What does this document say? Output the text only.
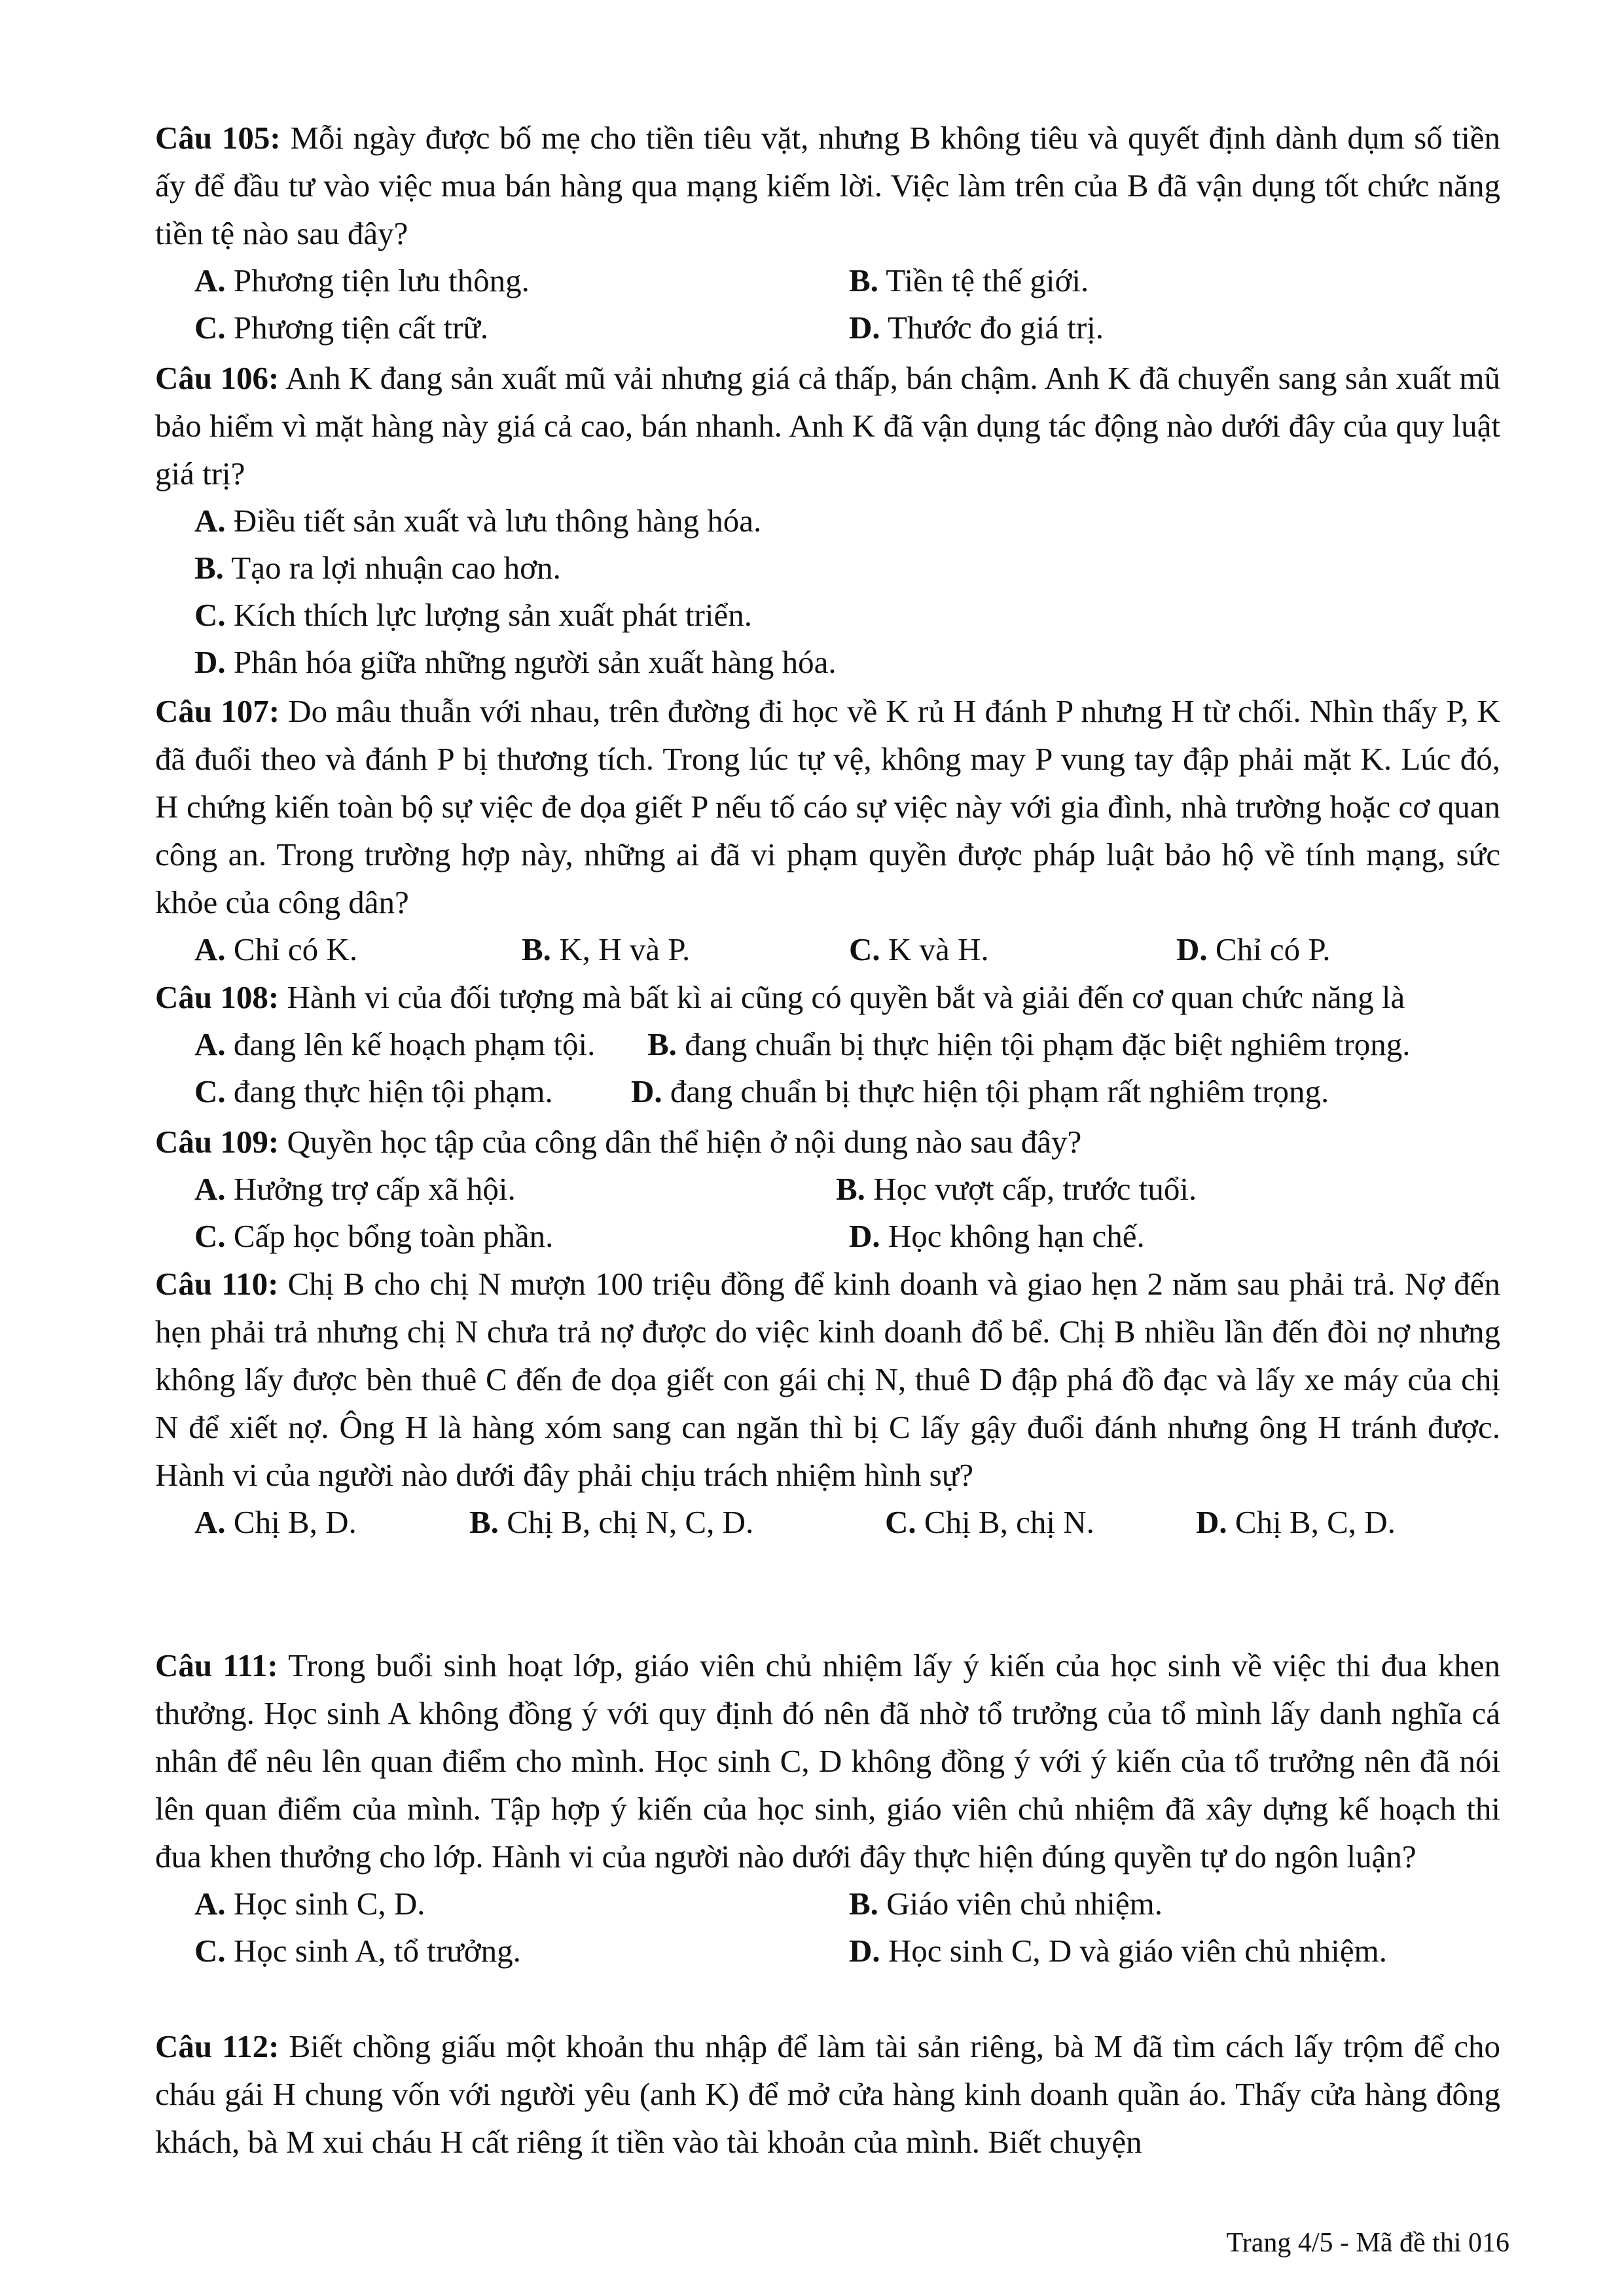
Câu 105: Mỗi ngày được bố mẹ cho tiền tiêu vặt, nhưng B không tiêu và quyết định dành dụm số tiền ấy để đầu tư vào việc mua bán hàng qua mạng kiếm lời. Việc làm trên của B đã vận dụng tốt chức năng tiền tệ nào sau đây?

A. Phương tiện lưu thông.	B. Tiền tệ thế giới.
C. Phương tiện cất trữ.	D. Thước đo giá trị.

Câu 106: Anh K đang sản xuất mũ vải nhưng giá cả thấp, bán chậm. Anh K đã chuyển sang sản xuất mũ bảo hiểm vì mặt hàng này giá cả cao, bán nhanh. Anh K đã vận dụng tác động nào dưới đây của quy luật giá trị?

A. Điều tiết sản xuất và lưu thông hàng hóa.
B. Tạo ra lợi nhuận cao hơn.
C. Kích thích lực lượng sản xuất phát triển.
D. Phân hóa giữa những người sản xuất hàng hóa.

Câu 107: Do mâu thuẫn với nhau, trên đường đi học về K rủ H đánh P nhưng H từ chối. Nhìn thấy P, K đã đuổi theo và đánh P bị thương tích. Trong lúc tự vệ, không may P vung tay đập phải mặt K. Lúc đó, H chứng kiến toàn bộ sự việc đe dọa giết P nếu tố cáo sự việc này với gia đình, nhà trường hoặc cơ quan công an. Trong trường hợp này, những ai đã vi phạm quyền được pháp luật bảo hộ về tính mạng, sức khỏe của công dân?

A. Chỉ có K.	B. K, H và P.	C. K và H.	D. Chỉ có P.

Câu 108: Hành vi của đối tượng mà bất kì ai cũng có quyền bắt và giải đến cơ quan chức năng là

A. đang lên kế hoạch phạm tội. B. đang chuẩn bị thực hiện tội phạm đặc biệt nghiêm trọng.
C. đang thực hiện tội phạm. D. đang chuẩn bị thực hiện tội phạm rất nghiêm trọng.

Câu 109: Quyền học tập của công dân thể hiện ở nội dung nào sau đây?

A. Hưởng trợ cấp xã hội.	B. Học vượt cấp, trước tuổi.
C. Cấp học bổng toàn phần.	D. Học không hạn chế.

Câu 110: Chị B cho chị N mượn 100 triệu đồng để kinh doanh và giao hẹn 2 năm sau phải trả. Nợ đến hẹn phải trả nhưng chị N chưa trả nợ được do việc kinh doanh đổ bể. Chị B nhiều lần đến đòi nợ nhưng không lấy được bèn thuê C đến đe dọa giết con gái chị N, thuê D đập phá đồ đạc và lấy xe máy của chị N để xiết nợ. Ông H là hàng xóm sang can ngăn thì bị C lấy gậy đuổi đánh nhưng ông H tránh được. Hành vi của người nào dưới đây phải chịu trách nhiệm hình sự?

A. Chị B, D.	B. Chị B, chị N, C, D.	C. Chị B, chị N.	D. Chị B, C, D.

Câu 111: Trong buổi sinh hoạt lớp, giáo viên chủ nhiệm lấy ý kiến của học sinh về việc thi đua khen thưởng. Học sinh A không đồng ý với quy định đó nên đã nhờ tổ trưởng của tổ mình lấy danh nghĩa cá nhân để nêu lên quan điểm cho mình. Học sinh C, D không đồng ý với ý kiến của tổ trưởng nên đã nói lên quan điểm của mình. Tập hợp ý kiến của học sinh, giáo viên chủ nhiệm đã xây dựng kế hoạch thi đua khen thưởng cho lớp. Hành vi của người nào dưới đây thực hiện đúng quyền tự do ngôn luận?

A. Học sinh C, D.	B. Giáo viên chủ nhiệm.
C. Học sinh A, tổ trưởng.	D. Học sinh C, D và giáo viên chủ nhiệm.

Câu 112: Biết chồng giấu một khoản thu nhập để làm tài sản riêng, bà M đã tìm cách lấy trộm để cho cháu gái H chung vốn với người yêu (anh K) để mở cửa hàng kinh doanh quần áo. Thấy cửa hàng đông khách, bà M xui cháu H cất riêng ít tiền vào tài khoản của mình. Biết chuyện

Trang 4/5 - Mã đề thi 016
